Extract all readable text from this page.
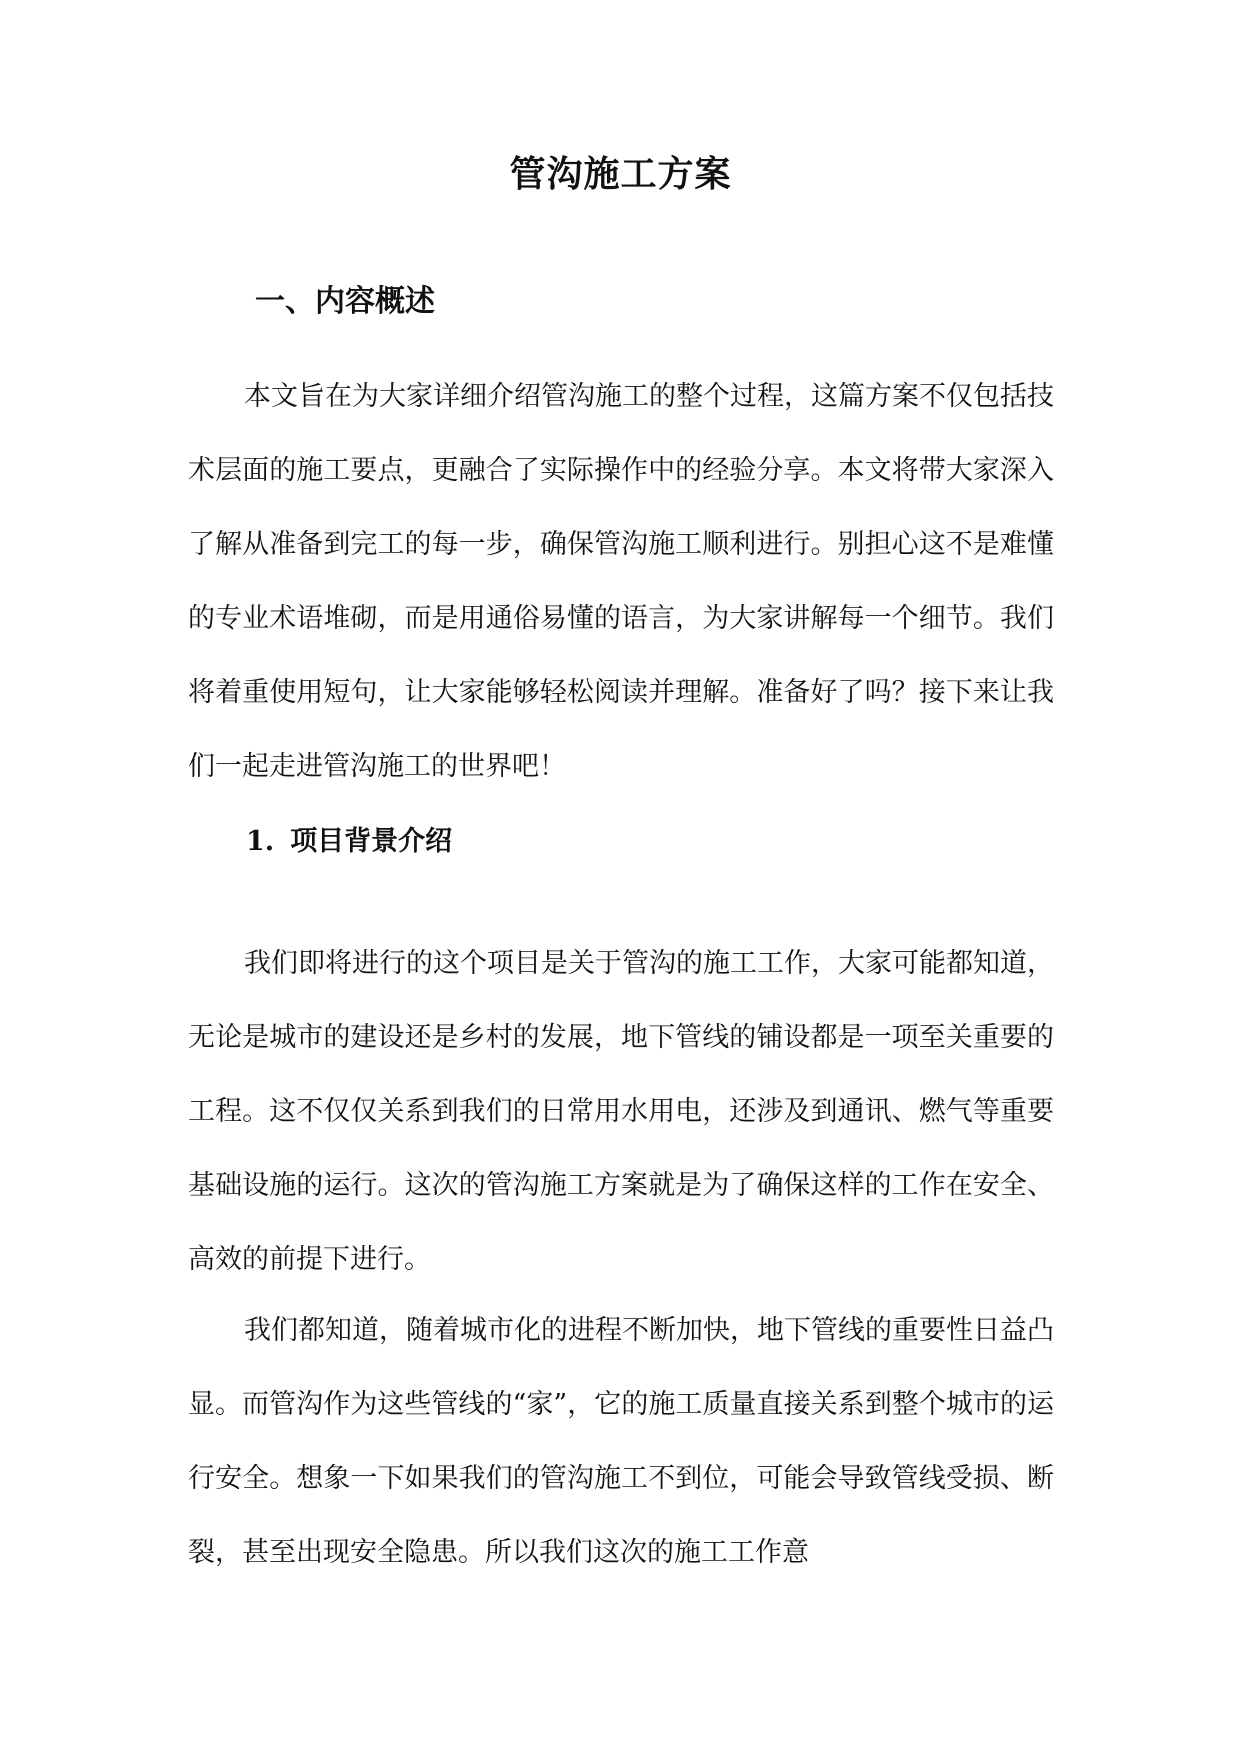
管沟施工方案
一、内容概述

本文旨在为大家详细介绍管沟施工的整个过程，这篇方案不仅包括技术层面的施工要点，更融合了实际操作中的经验分享。本文将带大家深入了解从准备到完工的每一步，确保管沟施工顺利进行。别担心这不是难懂的专业术语堆砌，而是用通俗易懂的语言，为大家讲解每一个细节。我们将着重使用短句，让大家能够轻松阅读并理解。准备好了吗？接下来让我们一起走进管沟施工的世界吧！

1. 项目背景介绍

我们即将进行的这个项目是关于管沟的施工工作，大家可能都知道，无论是城市的建设还是乡村的发展，地下管线的铺设都是一项至关重要的工程。这不仅仅关系到我们的日常用水用电，还涉及到通讯、燃气等重要基础设施的运行。这次的管沟施工方案就是为了确保这样的工作在安全、高效的前提下进行。

我们都知道，随着城市化的进程不断加快，地下管线的重要性日益凸显。而管沟作为这些管线的“家”，它的施工质量直接关系到整个城市的运行安全。想象一下如果我们的管沟施工不到位，可能会导致管线受损、断裂，甚至出现安全隐患。所以我们这次的施工工作意
